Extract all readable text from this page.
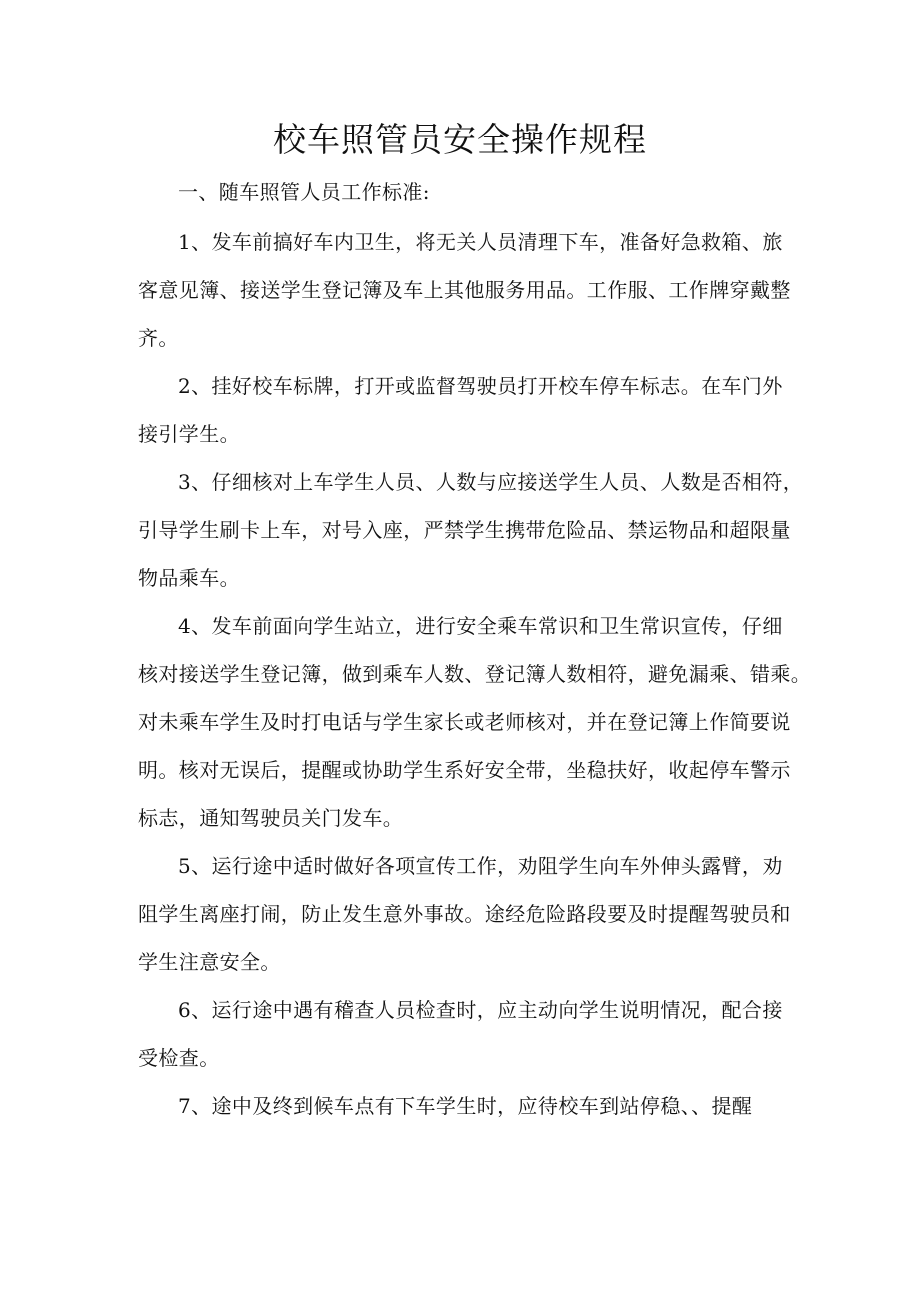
校车照管员安全操作规程
一、随车照管人员工作标准:
1、发车前搞好车内卫生，将无关人员清理下车，准备好急救箱、旅
客意见簿、接送学生登记簿及车上其他服务用品。工作服、工作牌穿戴整
齐。
2、挂好校车标牌，打开或监督驾驶员打开校车停车标志。在车门外
接引学生。
3、仔细核对上车学生人员、人数与应接送学生人员、人数是否相符，
引导学生刷卡上车，对号入座，严禁学生携带危险品、禁运物品和超限量
物品乘车。
4、发车前面向学生站立，进行安全乘车常识和卫生常识宣传，仔细
核对接送学生登记簿，做到乘车人数、登记簿人数相符，避免漏乘、错乘。
对未乘车学生及时打电话与学生家长或老师核对，并在登记簿上作简要说
明。核对无误后，提醒或协助学生系好安全带，坐稳扶好，收起停车警示
标志，通知驾驶员关门发车。
5、运行途中适时做好各项宣传工作，劝阻学生向车外伸头露臂，劝
阻学生离座打闹，防止发生意外事故。途经危险路段要及时提醒驾驶员和
学生注意安全。
6、运行途中遇有稽查人员检查时，应主动向学生说明情况，配合接
受检查。
7、途中及终到候车点有下车学生时，应待校车到站停稳、、提醒
